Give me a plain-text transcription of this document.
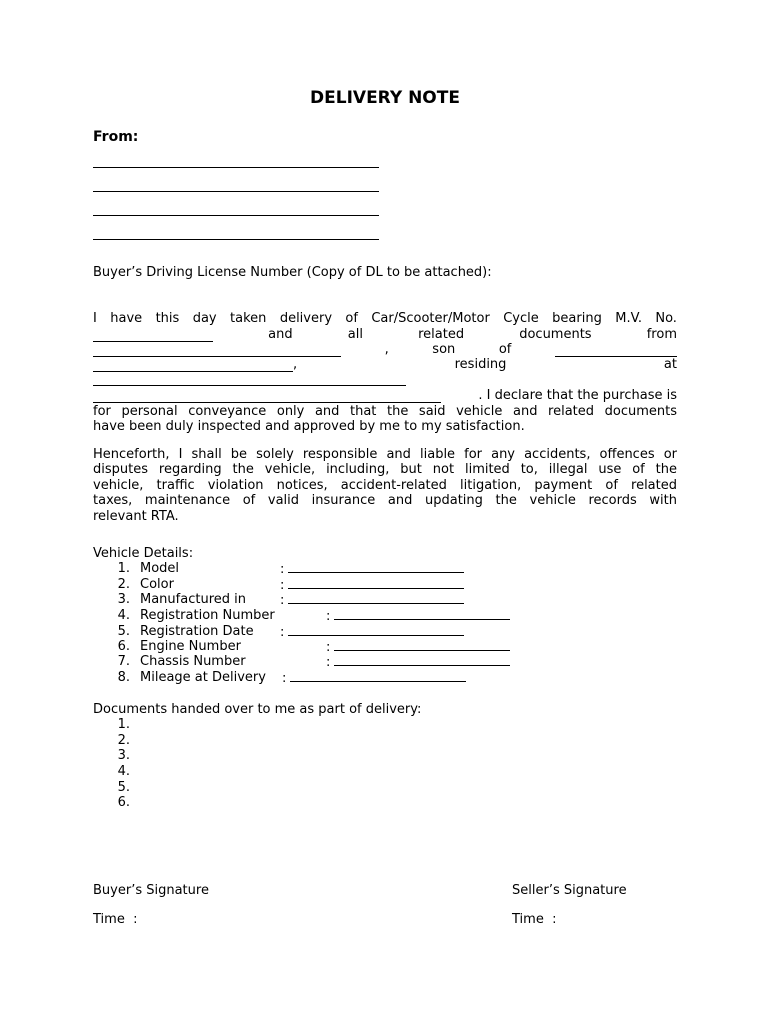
DELIVERY NOTE
From:
Buyer’s Driving License Number (Copy of DL to be attached):
I have this day taken delivery of Car/Scooter/Motor Cycle bearing M.V. No.
and	all	related	documents	from
,	son	of
,	residing	at
. I declare that the purchase is
for personal conveyance only and that the said vehicle and related documents
have been duly inspected and approved by me to my satisfaction.
Henceforth, I shall be solely responsible and liable for any accidents, offences or
disputes regarding the vehicle, including, but not limited to, illegal use of the
vehicle, traffic violation notices, accident-related litigation, payment of related
taxes, maintenance of valid insurance and updating the vehicle records with
relevant RTA.
Vehicle Details:
1. Model	:
2. Color	:
3. Manufactured in	:
4. Registration Number	:
5. Registration Date :
6. Engine Number	:
7. Chassis Number	:
8. Mileage at Delivery :
Documents handed over to me as part of delivery:
1.
2.
3.
4.
5.
6.
Buyer’s Signature	Seller’s Signature
Time  :	Time  :
